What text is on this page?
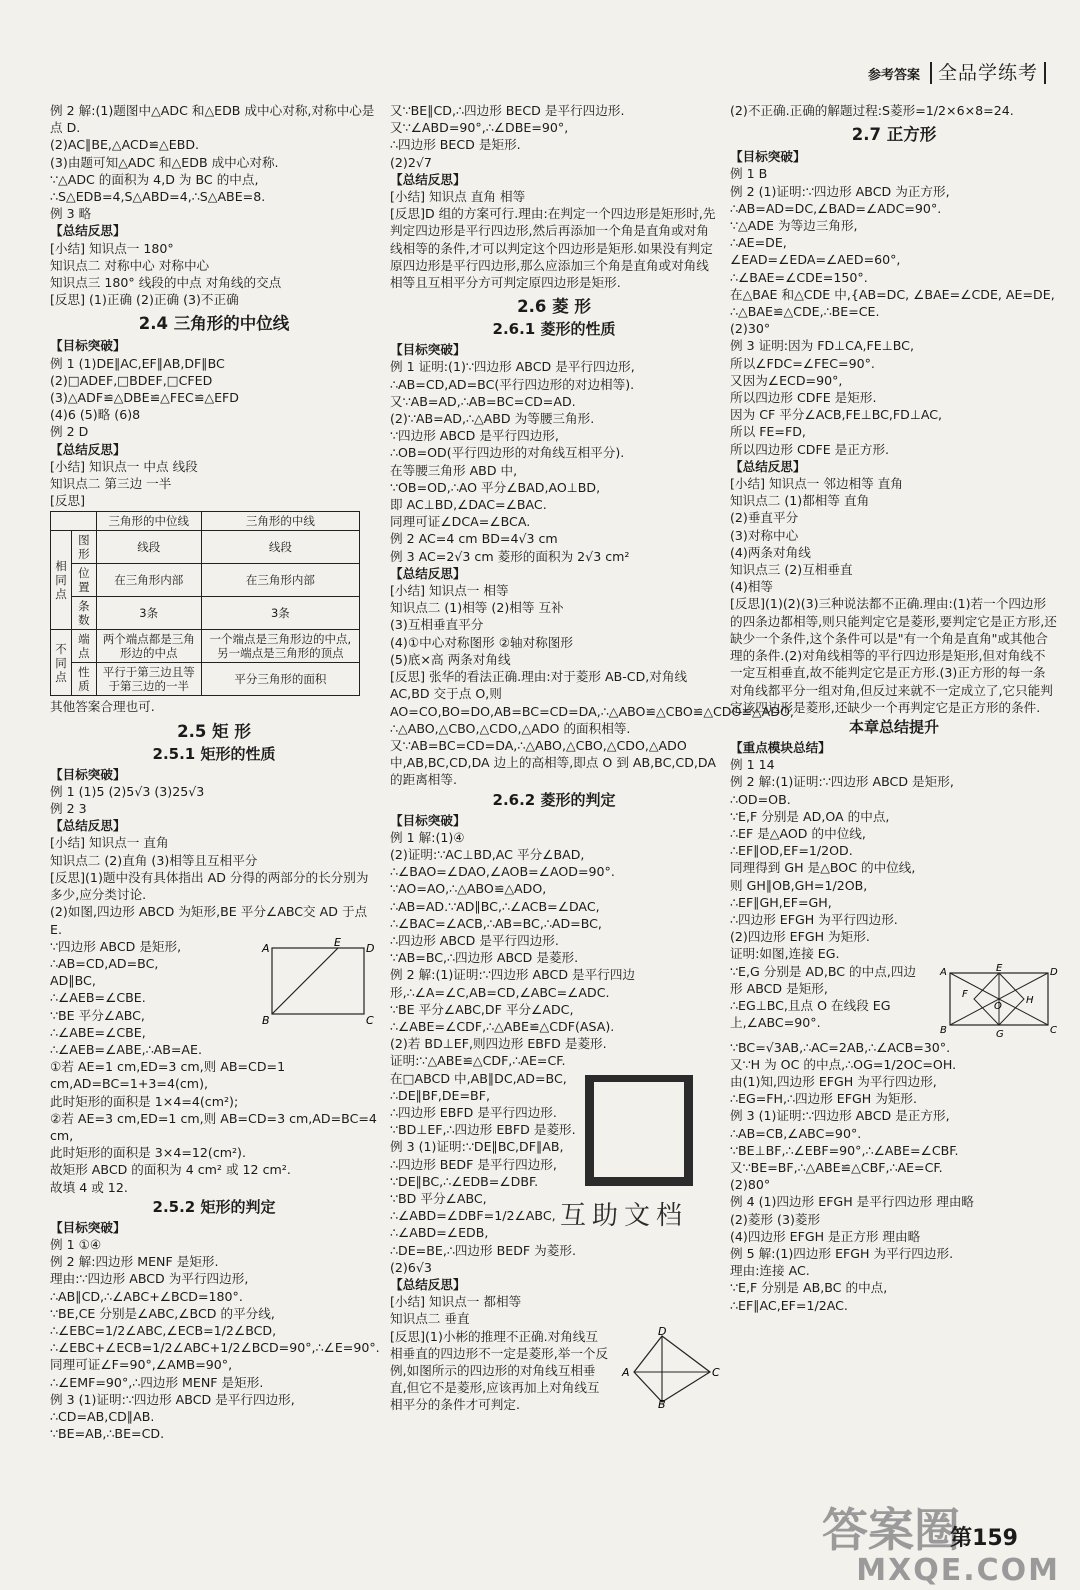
参考答案 全品学练考

例 2 解:(1)题图中△ADC 和△EDB 成中心对称,对称中心是点 D.

(2)AC∥BE,△ACD≌△EBD.

(3)由题可知△ADC 和△EDB 成中心对称.

∵△ADC 的面积为 4,D 为 BC 的中点,

∴S△EDB=4,S△ABD=4,∴S△ABE=8.

例 3 略

【总结反思】

[小结] 知识点一 180°

知识点二 对称中心 对称中心

知识点三 180° 线段的中点 对角线的交点

[反思] (1)正确 (2)正确 (3)不正确

2.4 三角形的中位线

【目标突破】

例 1 (1)DE∥AC,EF∥AB,DF∥BC

(2)□ADEF,□BDEF,□CFED

(3)△ADF≌△DBE≌△FEC≌△EFD

(4)6 (5)略 (6)8

例 2 D

【总结反思】

[小结] 知识点一 中点 线段

知识点二 第三边 一半

[反思]

		三角形的中位线	三角形的中线
相同点	图形	线段	线段
	位置	在三角形内部	在三角形内部
	条数	3条	3条
不同点	端点	两个端点都是三角形边的中点	一个端点是三角形边的中点,另一端点是三角形的顶点
	性质	平行于第三边且等于第三边的一半	平分三角形的面积

其他答案合理也可.

2.5 矩 形
2.5.1 矩形的性质

【目标突破】

例 1 (1)5 (2)5√3 (3)25√3

例 2 3

【总结反思】

[小结] 知识点一 直角

知识点二 (2)直角 (3)相等且互相平分

[反思](1)题中没有具体指出 AD 分得的两部分的长分别为多少,应分类讨论.

(2)如图,四边形 ABCD 为矩形,BE 平分∠ABC交 AD 于点 E.

∵四边形 ABCD 是矩形,

∴AB=CD,AD=BC,

AD∥BC,

∴∠AEB=∠CBE.

∵BE 平分∠ABC,

∴∠ABE=∠CBE,

A	E D
B	C

∴∠AEB=∠ABE,∴AB=AE.

①若 AE=1 cm,ED=3 cm,则 AB=CD=1 cm,AD=BC=1+3=4(cm),

此时矩形的面积是 1×4=4(cm²);

②若 AE=3 cm,ED=1 cm,则 AB=CD=3 cm,AD=BC=4 cm,

此时矩形的面积是 3×4=12(cm²).

故矩形 ABCD 的面积为 4 cm² 或 12 cm².

故填 4 或 12.

2.5.2 矩形的判定

【目标突破】

例 1 ①④

例 2 解:四边形 MENF 是矩形.

理由:∵四边形 ABCD 为平行四边形,

∴AB∥CD,∴∠ABC+∠BCD=180°.

∵BE,CE 分别是∠ABC,∠BCD 的平分线,

∴∠EBC=1/2∠ABC,∠ECB=1/2∠BCD,

∴∠EBC+∠ECB=1/2∠ABC+1/2∠BCD=90°,∴∠E=90°.

同理可证∠F=90°,∠AMB=90°,

∴∠EMF=90°,∴四边形 MENF 是矩形.

例 3 (1)证明:∵四边形 ABCD 是平行四边形,

∴CD=AB,CD∥AB.

∵BE=AB,∴BE=CD.

又∵BE∥CD,∴四边形 BECD 是平行四边形.

又∵∠ABD=90°,∴∠DBE=90°,

∴四边形 BECD 是矩形.

(2)2√7

【总结反思】

[小结] 知识点 直角 相等

[反思]D 组的方案可行.理由:在判定一个四边形是矩形时,先判定四边形是平行四边形,然后再添加一个角是直角或对角线相等的条件,才可以判定这个四边形是矩形.如果没有判定原四边形是平行四边形,那么应添加三个角是直角或对角线相等且互相平分方可判定原四边形是矩形.

2.6 菱 形
2.6.1 菱形的性质

【目标突破】

例 1 证明:(1)∵四边形 ABCD 是平行四边形,

∴AB=CD,AD=BC(平行四边形的对边相等).

又∵AB=AD,∴AB=BC=CD=AD.

(2)∵AB=AD,∴△ABD 为等腰三角形.

∵四边形 ABCD 是平行四边形,

∴OB=OD(平行四边形的对角线互相平分).

在等腰三角形 ABD 中,

∵OB=OD,∴AO 平分∠BAD,AO⊥BD,

即 AC⊥BD,∠DAC=∠BAC.

同理可证∠DCA=∠BCA.

例 2 AC=4 cm BD=4√3 cm

例 3 AC=2√3 cm 菱形的面积为 2√3 cm²

【总结反思】

[小结] 知识点一 相等

知识点二 (1)相等 (2)相等 互补

(3)互相垂直平分

(4)①中心对称图形 ②轴对称图形

(5)底×高 两条对角线

[反思] 张华的看法正确.理由:对于菱形 AB-CD,对角线 AC,BD 交于点 O,则 AO=CO,BO=DO,AB=BC=CD=DA,∴△ABO≌△CBO≌△CDO≌△ADO,

∴△ABO,△CBO,△CDO,△ADO 的面积相等.

又∵AB=BC=CD=DA,∴△ABO,△CBO,△CDO,△ADO 中,AB,BC,CD,DA 边上的高相等,即点 O 到 AB,BC,CD,DA 的距离相等.

2.6.2 菱形的判定

【目标突破】

例 1 解:(1)④

(2)证明:∵AC⊥BD,AC 平分∠BAD,

∴∠BAO=∠DAO,∠AOB=∠AOD=90°.

∵AO=AO,∴△ABO≌△ADO,

∴AB=AD.∵AD∥BC,∴∠ACB=∠DAC,

∴∠BAC=∠ACB,∴AB=BC,∴AD=BC,

∴四边形 ABCD 是平行四边形.

∵AB=BC,∴四边形 ABCD 是菱形.

例 2 解:(1)证明:∵四边形 ABCD 是平行四边形,∴∠A=∠C,AB=CD,∠ABC=∠ADC.

∵BE 平分∠ABC,DF 平分∠ADC,

∴∠ABE=∠CDF,∴△ABE≌△CDF(ASA).

(2)若 BD⊥EF,则四边形 EBFD 是菱形.

证明:∵△ABE≌△CDF,∴AE=CF.

在□ABCD 中,AB∥DC,AD=BC,

∴DE∥BF,DE=BF,

∴四边形 EBFD 是平行四边形.

∵BD⊥EF,∴四边形 EBFD 是菱形.

例 3 (1)证明:∵DE∥BC,DF∥AB,

∴四边形 BEDF 是平行四边形,

∵DE∥BC,∴∠EDB=∠DBF.

∵BD 平分∠ABC,

∴∠ABD=∠DBF=1/2∠ABC,

∴∠ABD=∠EDB,

∴DE=BE,∴四边形 BEDF 为菱形.

(2)6√3

【总结反思】

[小结] 知识点一 都相等

知识点二 垂直

[反思](1)小彬的推理不正确.对角线互相垂直的四边形不一定是菱形,举一个反例,如图所示的四边形的对角线互相垂直,但它不是菱形,应该再加上对角线互相平分的条件才可判定.

D
A	C
B

(2)不正确.正确的解题过程:S菱形=1/2×6×8=24.

2.7 正方形

【目标突破】

例 1 B

例 2 (1)证明:∵四边形 ABCD 为正方形,

∴AB=AD=DC,∠BAD=∠ADC=90°.

∵△ADE 为等边三角形,

∴AE=DE,

∠EAD=∠EDA=∠AED=60°,

∴∠BAE=∠CDE=150°.

在△BAE 和△CDE 中,{AB=DC, ∠BAE=∠CDE, AE=DE,

∴△BAE≌△CDE,∴BE=CE.

(2)30°

例 3 证明:因为 FD⊥CA,FE⊥BC,

所以∠FDC=∠FEC=90°.

又因为∠ECD=90°,

所以四边形 CDFE 是矩形.

因为 CF 平分∠ACB,FE⊥BC,FD⊥AC,

所以 FE=FD,

所以四边形 CDFE 是正方形.

【总结反思】

[小结] 知识点一 邻边相等 直角

知识点二 (1)都相等 直角

(2)垂直平分

(3)对称中心

(4)两条对角线

知识点三 (2)互相垂直

(4)相等

[反思](1)(2)(3)三种说法都不正确.理由:(1)若一个四边形的四条边都相等,则只能判定它是菱形,要判定它是正方形,还缺少一个条件,这个条件可以是"有一个角是直角"或其他合理的条件.(2)对角线相等的平行四边形是矩形,但对角线不一定互相垂直,故不能判定它是正方形.(3)正方形的每一条对角线都平分一组对角,但反过来就不一定成立了,它只能判定该四边形是菱形,还缺少一个再判定它是正方形的条件.

本章总结提升

【重点模块总结】

例 1 14

例 2 解:(1)证明:∵四边形 ABCD 是矩形,

∴OD=OB.

∵E,F 分别是 AD,OA 的中点,

∴EF 是△AOD 的中位线,

∴EF∥OD,EF=1/2OD.

同理得到 GH 是△BOC 的中位线,

则 GH∥OB,GH=1/2OB,

∴EF∥GH,EF=GH,

∴四边形 EFGH 为平行四边形.

(2)四边形 EFGH 为矩形.

证明:如图,连接 EG.

∵E,G 分别是 AD,BC 的中点,四边形 ABCD 是矩形,

∴EG⊥BC,且点 O 在线段 EG 上,∠ABC=90°.

A	E	D
F
O
H
B	G	C

∵BC=√3AB,∴AC=2AB,∴∠ACB=30°.

又∵H 为 OC 的中点,∴OG=1/2OC=OH.

由(1)知,四边形 EFGH 为平行四边形,

∴EG=FH,∴四边形 EFGH 为矩形.

例 3 (1)证明:∵四边形 ABCD 是正方形,

∴AB=CB,∠ABC=90°.

∵BE⊥BF,∴∠EBF=90°,∴∠ABE=∠CBF.

又∵BE=BF,∴△ABE≌△CBF,∴AE=CF.

(2)80°

例 4 (1)四边形 EFGH 是平行四边形 理由略

(2)菱形 (3)菱形

(4)四边形 EFGH 是正方形 理由略

例 5 解:(1)四边形 EFGH 为平行四边形.

理由:连接 AC.

∵E,F 分别是 AB,BC 的中点,

∴EF∥AC,EF=1/2AC.

互助文档
答案圈
MXQE.COM
第159
